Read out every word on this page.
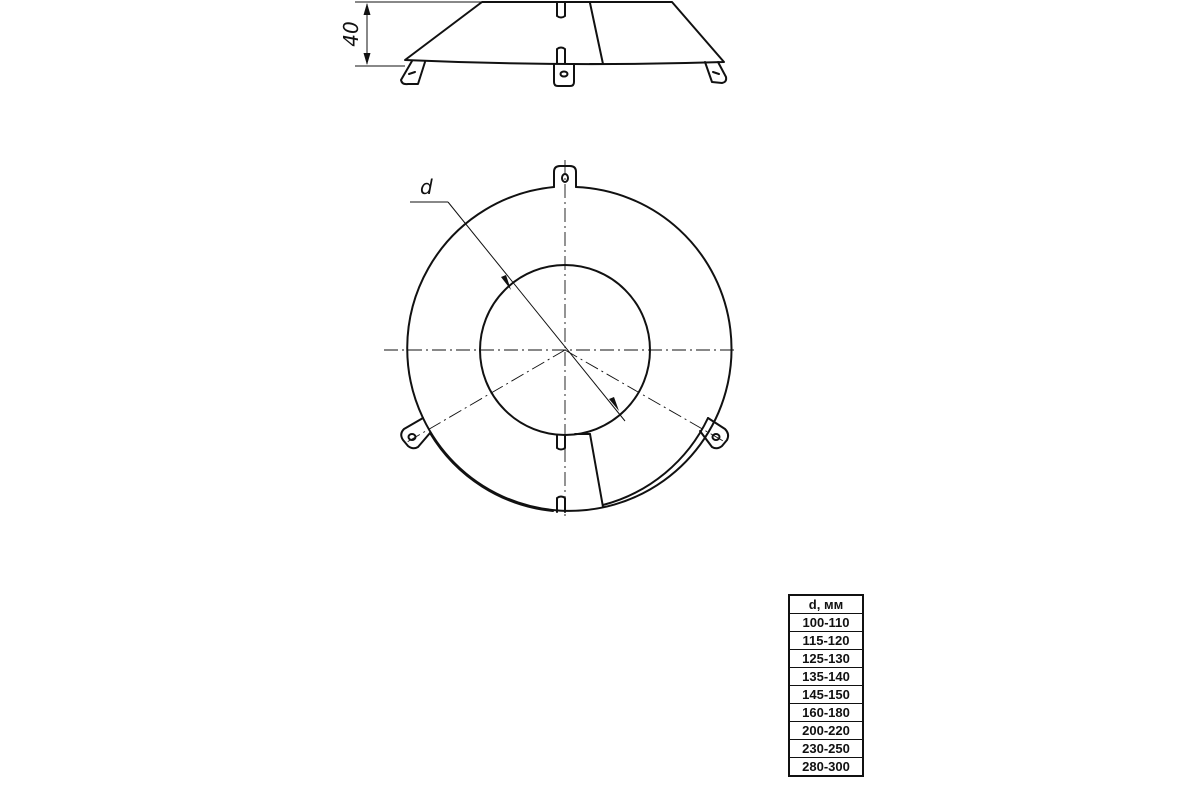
40
d
d, мм
100-110
115-120
125-130
135-140
145-150
160-180
200-220
230-250
280-300
